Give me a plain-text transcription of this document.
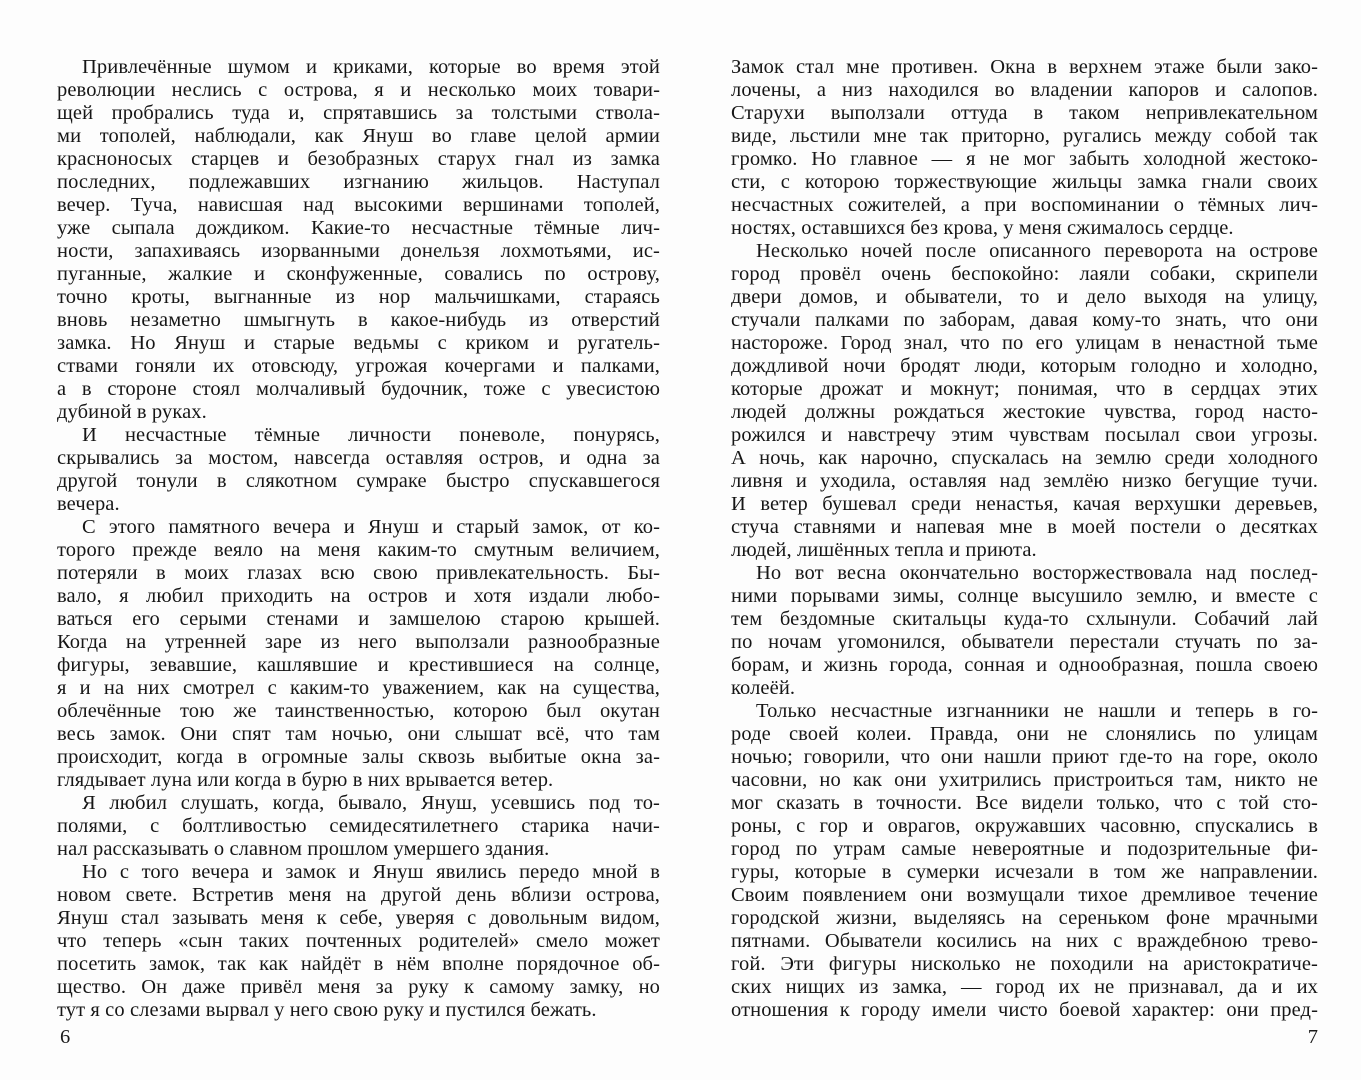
Привлечённые шумом и криками, которые во время этой
революции неслись с острова, я и несколько моих товари-
щей пробрались туда и, спрятавшись за толстыми ствола-
ми тополей, наблюдали, как Януш во главе целой армии
красноносых старцев и безобразных старух гнал из замка
последних, подлежавших изгнанию жильцов. Наступал
вечер. Туча, нависшая над высокими вершинами тополей,
уже сыпала дождиком. Какие-то несчастные тёмные лич-
ности, запахиваясь изорванными донельзя лохмотьями, ис-
пуганные, жалкие и сконфуженные, совались по острову,
точно кроты, выгнанные из нор мальчишками, стараясь
вновь незаметно шмыгнуть в какое-нибудь из отверстий
замка. Но Януш и старые ведьмы с криком и ругатель-
ствами гоняли их отовсюду, угрожая кочергами и палками,
а в стороне стоял молчаливый будочник, тоже с увесистою
дубиной в руках.
И несчастные тёмные личности поневоле, понурясь,
скрывались за мостом, навсегда оставляя остров, и одна за
другой тонули в слякотном сумраке быстро спускавшегося
вечера.
С этого памятного вечера и Януш и старый замок, от ко-
торого прежде веяло на меня каким-то смутным величием,
потеряли в моих глазах всю свою привлекательность. Бы-
вало, я любил приходить на остров и хотя издали любо-
ваться его серыми стенами и замшелою старою крышей.
Когда на утренней заре из него выползали разнообразные
фигуры, зевавшие, кашлявшие и крестившиеся на солнце,
я и на них смотрел с каким-то уважением, как на существа,
облечённые тою же таинственностью, которою был окутан
весь замок. Они спят там ночью, они слышат всё, что там
происходит, когда в огромные залы сквозь выбитые окна за-
глядывает луна или когда в бурю в них врывается ветер.
Я любил слушать, когда, бывало, Януш, усевшись под то-
полями, с болтливостью семидесятилетнего старика начи-
нал рассказывать о славном прошлом умершего здания.
Но с того вечера и замок и Януш явились передо мной в
новом свете. Встретив меня на другой день вблизи острова,
Януш стал зазывать меня к себе, уверяя с довольным видом,
что теперь «сын таких почтенных родителей» смело может
посетить замок, так как найдёт в нём вполне порядочное об-
щество. Он даже привёл меня за руку к самому замку, но
тут я со слезами вырвал у него свою руку и пустился бежать.
6
Замок стал мне противен. Окна в верхнем этаже были зако-
лочены, а низ находился во владении капоров и салопов.
Старухи выползали оттуда в таком непривлекательном
виде, льстили мне так приторно, ругались между собой так
громко. Но главное — я не мог забыть холодной жестоко-
сти, с которою торжествующие жильцы замка гнали своих
несчастных сожителей, а при воспоминании о тёмных лич-
ностях, оставшихся без крова, у меня сжималось сердце.
Несколько ночей после описанного переворота на острове
город провёл очень беспокойно: лаяли собаки, скрипели
двери домов, и обыватели, то и дело выходя на улицу,
стучали палками по заборам, давая кому-то знать, что они
настороже. Город знал, что по его улицам в ненастной тьме
дождливой ночи бродят люди, которым голодно и холодно,
которые дрожат и мокнут; понимая, что в сердцах этих
людей должны рождаться жестокие чувства, город насто-
рожился и навстречу этим чувствам посылал свои угрозы.
А ночь, как нарочно, спускалась на землю среди холодного
ливня и уходила, оставляя над землёю низко бегущие тучи.
И ветер бушевал среди ненастья, качая верхушки деревьев,
стуча ставнями и напевая мне в моей постели о десятках
людей, лишённых тепла и приюта.
Но вот весна окончательно восторжествовала над послед-
ними порывами зимы, солнце высушило землю, и вместе с
тем бездомные скитальцы куда-то схлынули. Собачий лай
по ночам угомонился, обыватели перестали стучать по за-
борам, и жизнь города, сонная и однообразная, пошла своею
колеёй.
Только несчастные изгнанники не нашли и теперь в го-
роде своей колеи. Правда, они не слонялись по улицам
ночью; говорили, что они нашли приют где-то на горе, около
часовни, но как они ухитрились пристроиться там, никто не
мог сказать в точности. Все видели только, что с той сто-
роны, с гор и оврагов, окружавших часовню, спускались в
город по утрам самые невероятные и подозрительные фи-
гуры, которые в сумерки исчезали в том же направлении.
Своим появлением они возмущали тихое дремливое течение
городской жизни, выделяясь на сереньком фоне мрачными
пятнами. Обыватели косились на них с враждебною трево-
гой. Эти фигуры нисколько не походили на аристократиче-
ских нищих из замка, — город их не признавал, да и их
отношения к городу имели чисто боевой характер: они пред-
7
